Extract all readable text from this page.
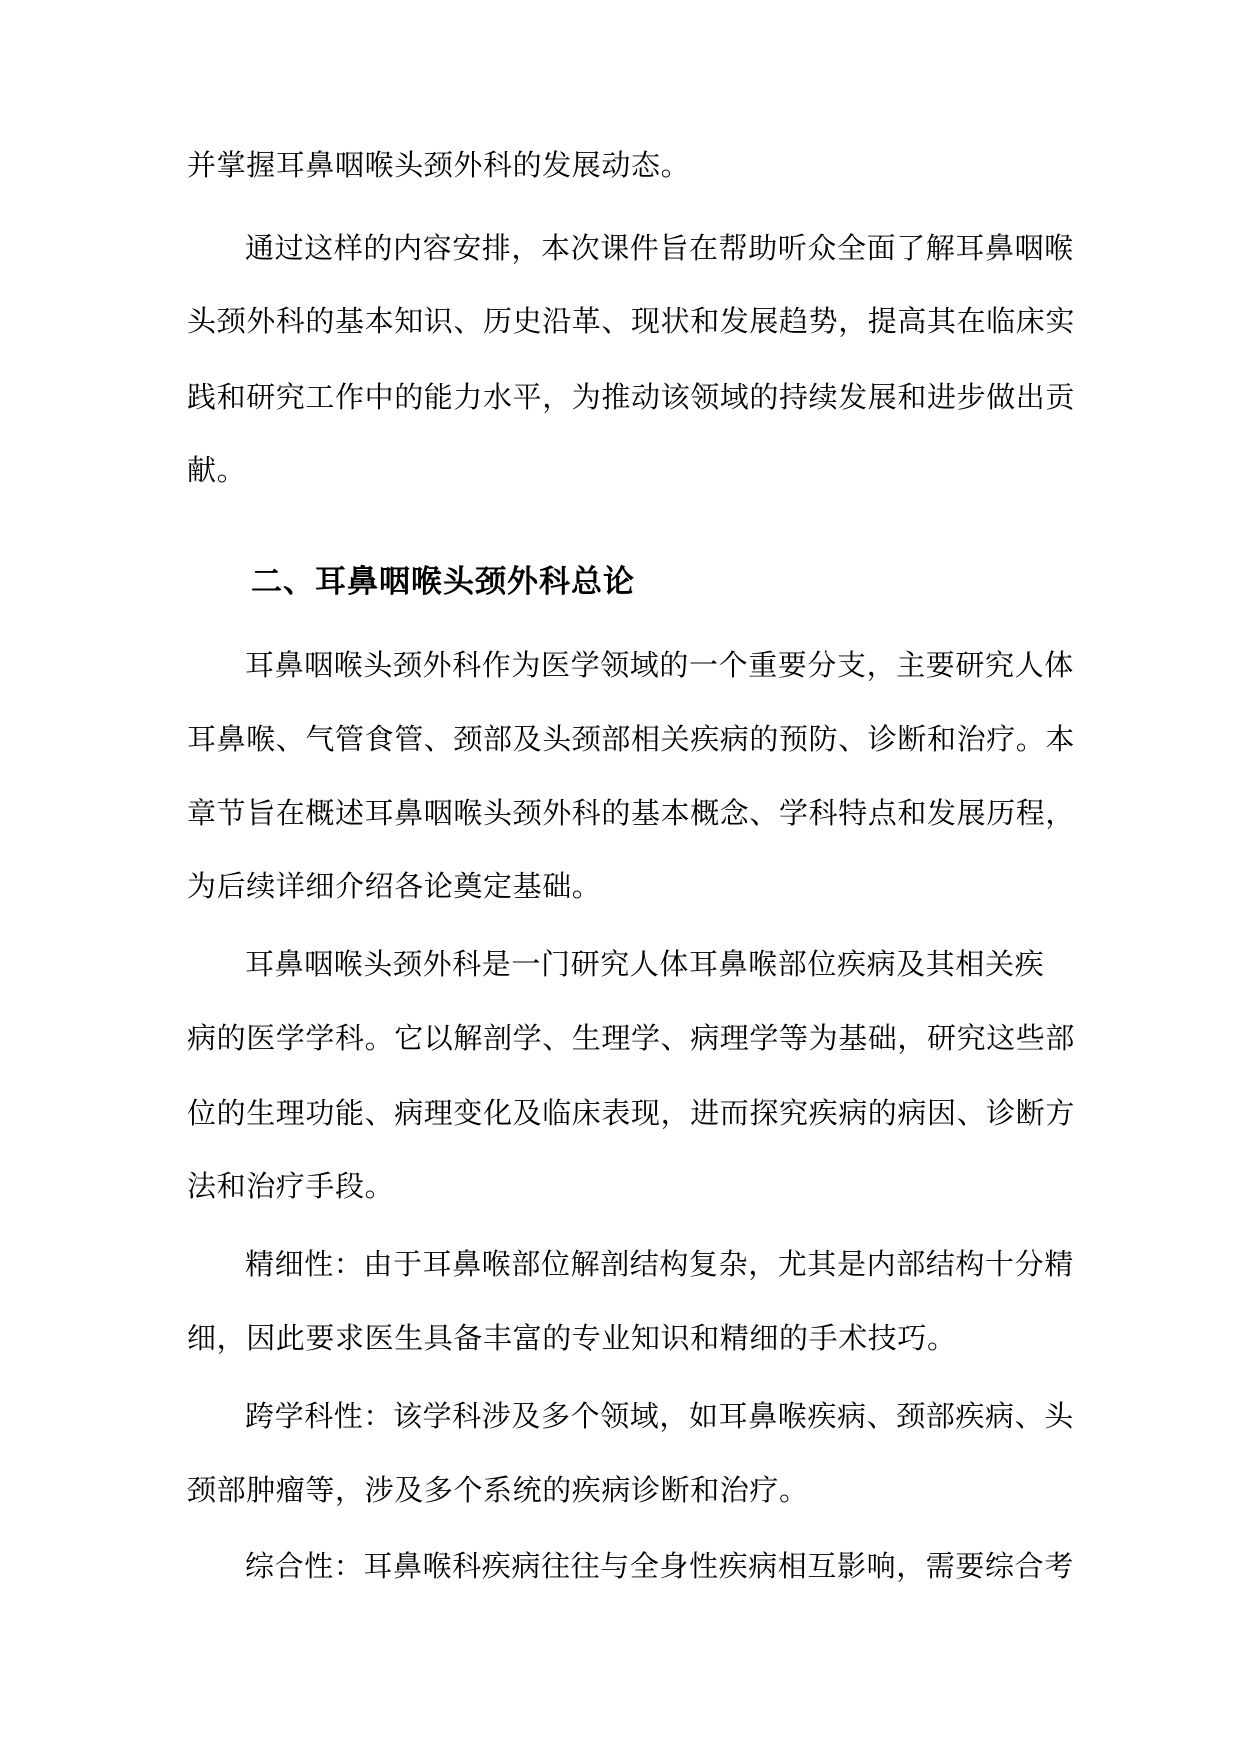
并掌握耳鼻咽喉头颈外科的发展动态。
通过这样的内容安排，本次课件旨在帮助听众全面了解耳鼻咽喉
头颈外科的基本知识、历史沿革、现状和发展趋势，提高其在临床实
践和研究工作中的能力水平，为推动该领域的持续发展和进步做出贡
献。
二、耳鼻咽喉头颈外科总论
耳鼻咽喉头颈外科作为医学领域的一个重要分支，主要研究人体
耳鼻喉、气管食管、颈部及头颈部相关疾病的预防、诊断和治疗。本
章节旨在概述耳鼻咽喉头颈外科的基本概念、学科特点和发展历程，
为后续详细介绍各论奠定基础。
耳鼻咽喉头颈外科是一门研究人体耳鼻喉部位疾病及其相关疾
病的医学学科。它以解剖学、生理学、病理学等为基础，研究这些部
位的生理功能、病理变化及临床表现，进而探究疾病的病因、诊断方
法和治疗手段。
精细性：由于耳鼻喉部位解剖结构复杂，尤其是内部结构十分精
细，因此要求医生具备丰富的专业知识和精细的手术技巧。
跨学科性：该学科涉及多个领域，如耳鼻喉疾病、颈部疾病、头
颈部肿瘤等，涉及多个系统的疾病诊断和治疗。
综合性：耳鼻喉科疾病往往与全身性疾病相互影响，需要综合考
